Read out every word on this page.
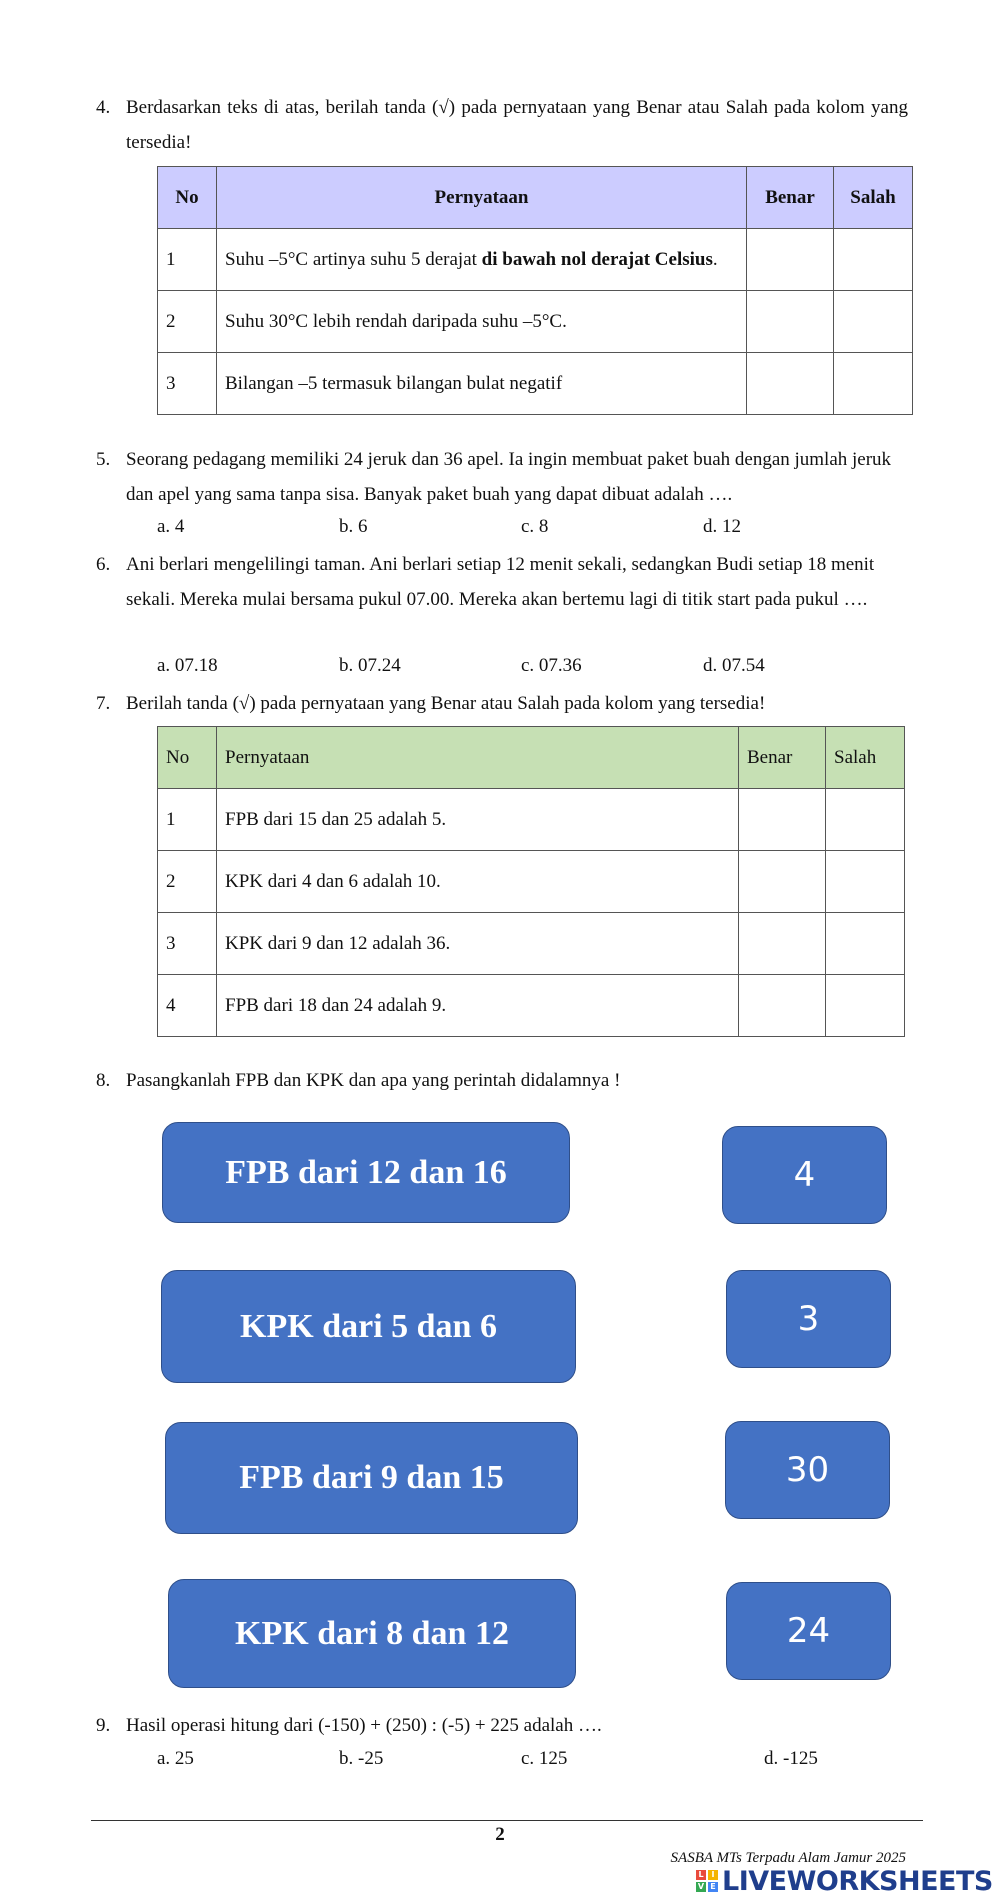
4. Berdasarkan teks di atas, berilah tanda (√) pada pernyataan yang Benar atau Salah pada kolom yang tersedia!
No	Pernyataan	Benar	Salah
1	Suhu –5°C artinya suhu 5 derajat di bawah nol derajat Celsius.		
2	Suhu 30°C lebih rendah daripada suhu –5°C.		
3	Bilangan –5 termasuk bilangan bulat negatif		
5. Seorang pedagang memiliki 24 jeruk dan 36 apel. Ia ingin membuat paket buah dengan jumlah jeruk dan apel yang sama tanpa sisa. Banyak paket buah yang dapat dibuat adalah ….
a. 4	b. 6	c. 8	d. 12
6. Ani berlari mengelilingi taman. Ani berlari setiap 12 menit sekali, sedangkan Budi setiap 18 menit sekali. Mereka mulai bersama pukul 07.00. Mereka akan bertemu lagi di titik start pada pukul ….
a. 07.18	b. 07.24	c. 07.36	d. 07.54
7. Berilah tanda (√) pada pernyataan yang Benar atau Salah pada kolom yang tersedia!
No	Pernyataan	Benar	Salah
1	FPB dari 15 dan 25 adalah 5.		
2	KPK dari 4 dan 6 adalah 10.		
3	KPK dari 9 dan 12 adalah 36.		
4	FPB dari 18 dan 24 adalah 9.		
8. Pasangkanlah FPB dan KPK dan apa yang perintah didalamnya !
FPB dari 12 dan 16
KPK dari 5 dan 6
FPB dari 9 dan 15
KPK dari 8 dan 12
4
3
30
24
9. Hasil operasi hitung dari (-150) + (250) : (-5) + 225 adalah ….
a. 25	b. -25	c. 125	d. -125
2
SASBA MTs Terpadu Alam Jamur 2025
L I
V E LIVEWORKSHEETS
